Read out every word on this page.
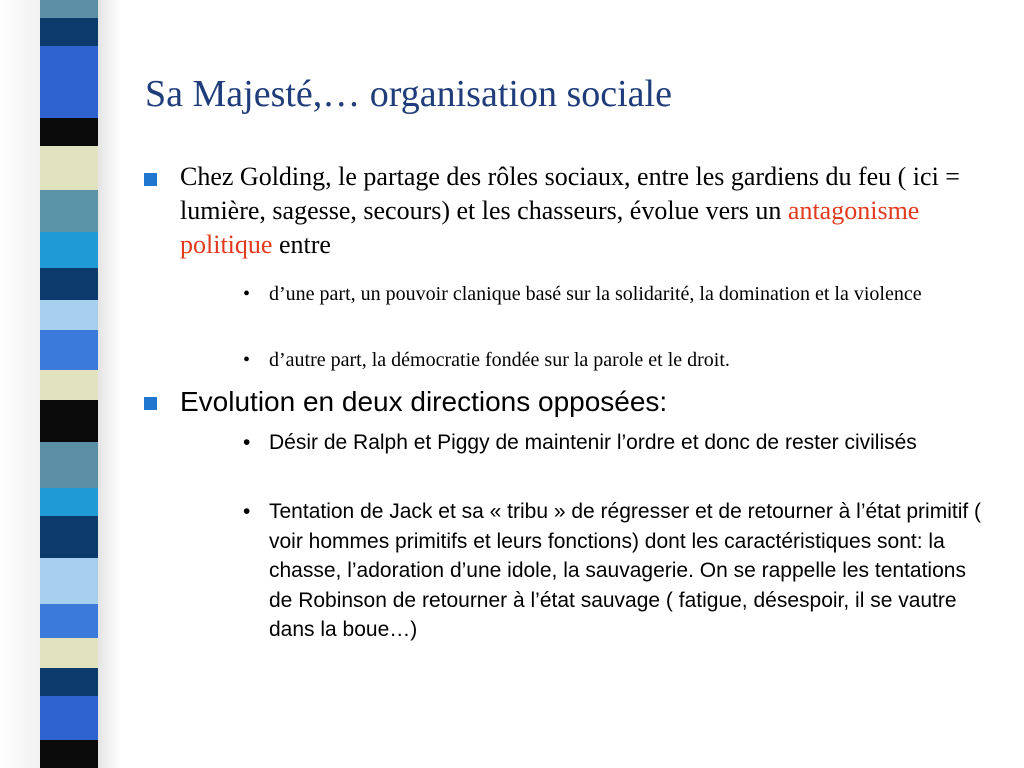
Sa Majesté,… organisation sociale
Chez Golding, le partage des rôles sociaux, entre les gardiens du feu ( ici = lumière, sagesse, secours) et les chasseurs, évolue vers un antagonisme politique entre
• d’une part, un pouvoir clanique basé sur la solidarité, la domination et la violence
• d’autre part, la démocratie fondée sur la parole et le droit.
Evolution en deux directions opposées:
• Désir de Ralph et Piggy de maintenir l’ordre et donc de rester civilisés
• Tentation de Jack et sa « tribu » de régresser et de retourner à l’état primitif ( voir hommes primitifs et leurs fonctions) dont les caractéristiques sont: la chasse, l’adoration d’une idole, la sauvagerie. On se rappelle les tentations de Robinson de retourner à l’état sauvage ( fatigue, désespoir, il se vautre dans la boue…)
